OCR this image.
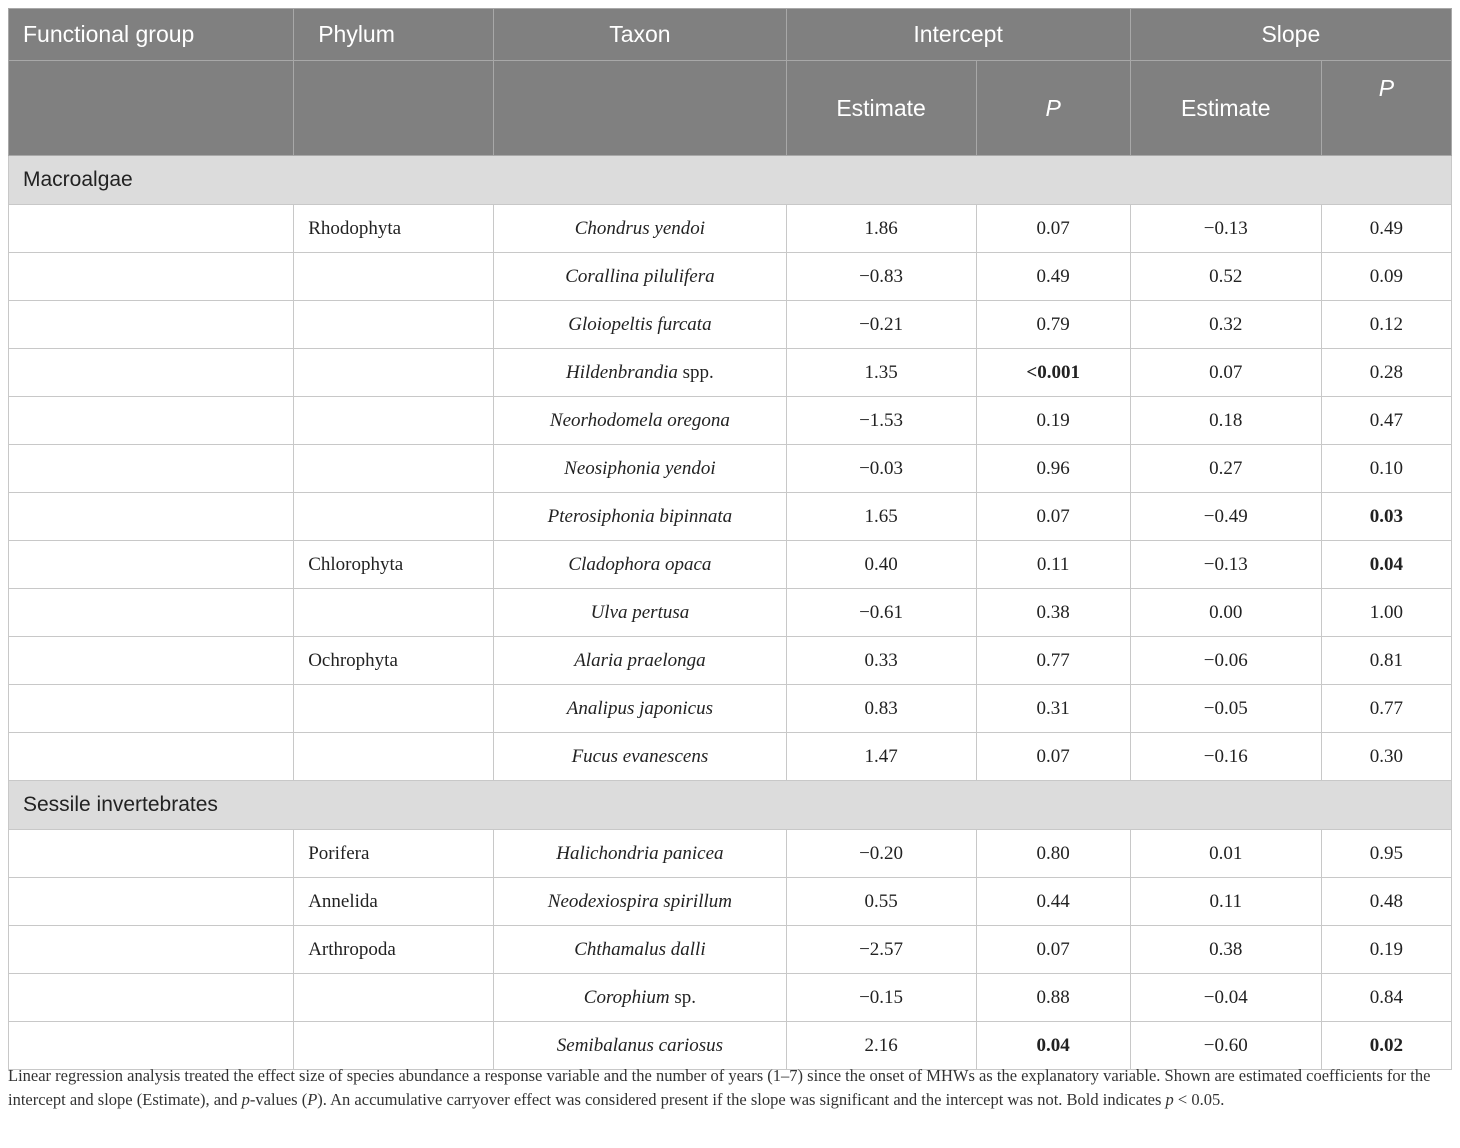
Functional group	Phylum	Taxon	Intercept		Slope	
			Estimate	P	Estimate	P
Macroalgae						
	Rhodophyta	Chondrus yendoi	1.86	0.07	−0.13	0.49
		Corallina pilulifera	−0.83	0.49	0.52	0.09
		Gloiopeltis furcata	−0.21	0.79	0.32	0.12
		Hildenbrandia spp.	1.35	<0.001	0.07	0.28
		Neorhodomela oregona	−1.53	0.19	0.18	0.47
		Neosiphonia yendoi	−0.03	0.96	0.27	0.10
		Pterosiphonia bipinnata	1.65	0.07	−0.49	0.03
	Chlorophyta	Cladophora opaca	0.40	0.11	−0.13	0.04
		Ulva pertusa	−0.61	0.38	0.00	1.00
	Ochrophyta	Alaria praelonga	0.33	0.77	−0.06	0.81
		Analipus japonicus	0.83	0.31	−0.05	0.77
		Fucus evanescens	1.47	0.07	−0.16	0.30
Sessile invertebrates						
	Porifera	Halichondria panicea	−0.20	0.80	0.01	0.95
	Annelida	Neodexiospira spirillum	0.55	0.44	0.11	0.48
	Arthropoda	Chthamalus dalli	−2.57	0.07	0.38	0.19
		Corophium sp.	−0.15	0.88	−0.04	0.84
		Semibalanus cariosus	2.16	0.04	−0.60	0.02
Linear regression analysis treated the effect size of species abundance a response variable and the number of years (1–7) since the onset of MHWs as the explanatory variable. Shown are estimated coefficients for the intercept and slope (Estimate), and p-values (P). An accumulative carryover effect was considered present if the slope was significant and the intercept was not. Bold indicates p < 0.05.
